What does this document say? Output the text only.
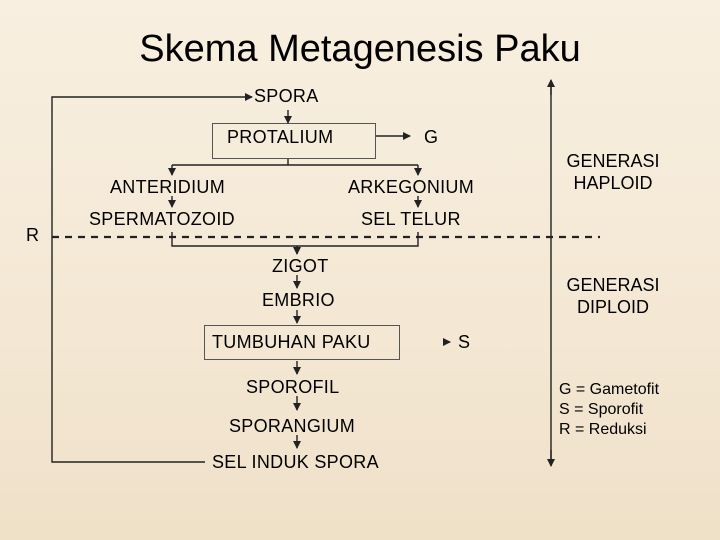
Skema Metagenesis Paku
SPORA
PROTALIUM	G
ANTERIDIUM	ARKEGONIUM
SPERMATOZOID	SEL TELUR
R
ZIGOT
EMBRIO
TUMBUHAN PAKU	S
SPOROFIL
SPORANGIUM
SEL INDUK SPORA
GENERASI
HAPLOID
GENERASI
DIPLOID
G = Gametofit
S = Sporofit
R = Reduksi
